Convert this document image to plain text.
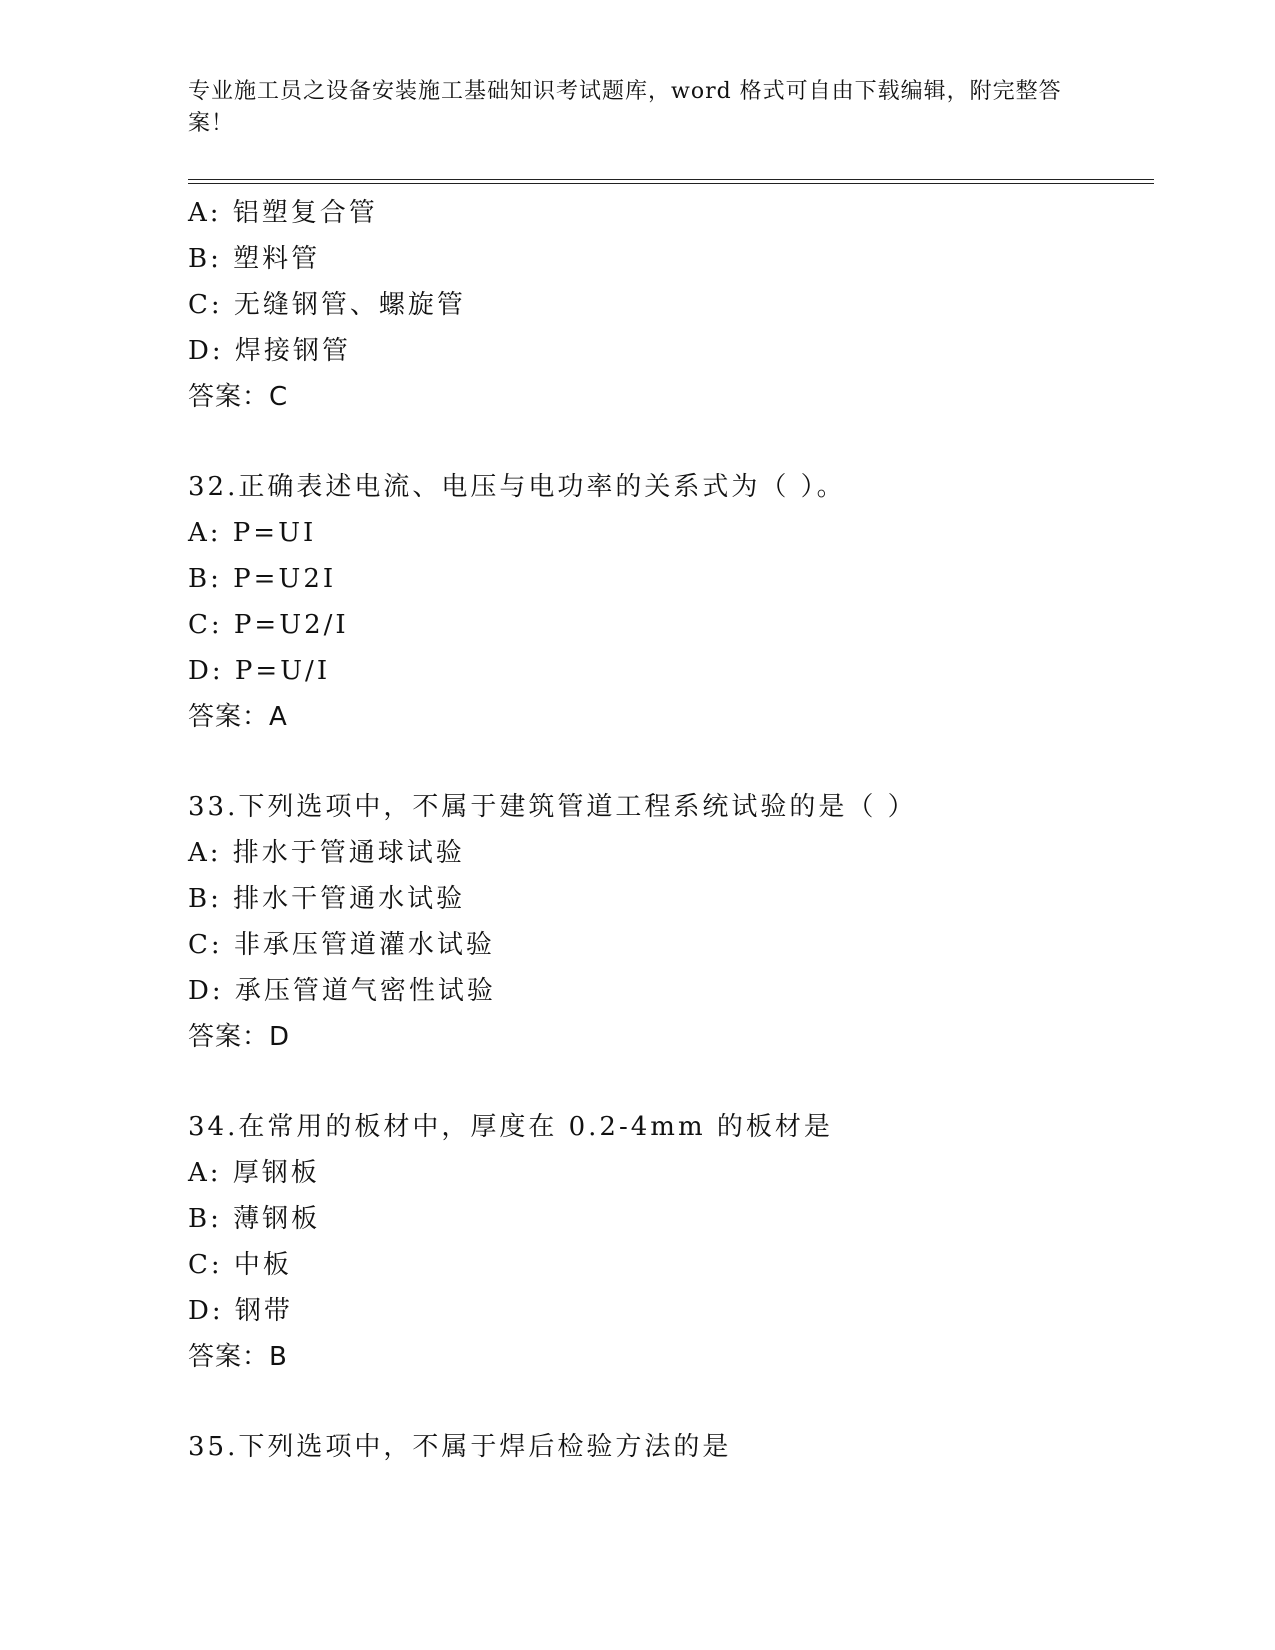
专业施工员之设备安装施工基础知识考试题库，word 格式可自由下载编辑，附完整答案！
A: 铝塑复合管
B: 塑料管
C: 无缝钢管、螺旋管
D: 焊接钢管
答案：C
32.正确表述电流、电压与电功率的关系式为（ ）。
A: P=UI
B: P=U2I
C: P=U2/I
D: P=U/I
答案：A
33.下列选项中，不属于建筑管道工程系统试验的是（ ）
A: 排水于管通球试验
B: 排水干管通水试验
C: 非承压管道灌水试验
D: 承压管道气密性试验
答案：D
34.在常用的板材中，厚度在 0.2-4mm 的板材是
A: 厚钢板
B: 薄钢板
C: 中板
D: 钢带
答案：B
35.下列选项中，不属于焊后检验方法的是
